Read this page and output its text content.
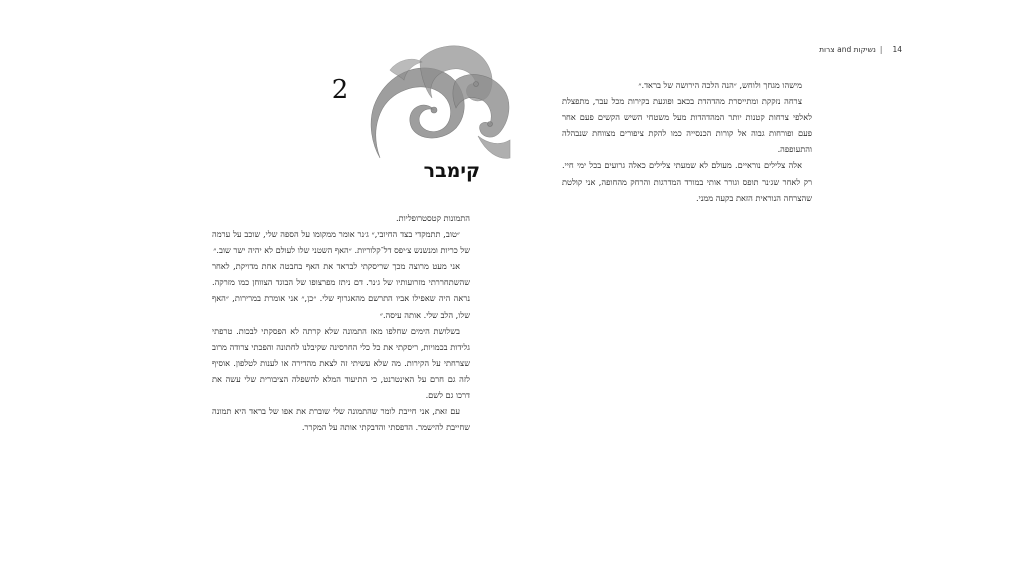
2
קימבר

התמונות קטסטרופליות.

״טוב, תתמקדי בצד החיובי,״ ג׳נר אומר ממקומו על הספה שלי, שוכב על ערמה של כריות ומנשנש צ׳יפס דל־קלוריות. ״האף השטני שלו לעולם לא יהיה ישר שוב.״

אני מעט מרוצה מכך שריסקתי לבראד את האף בחבטה אחת מדויקת, לאחר שהשתחררתי מזרועותיו של ג׳נר. דם ניתז מפרצופו של הבוגד הצווחן כמו מזרקה. נראה היה שאפילו אביו התרשם מהאגרוף שלי. ״כן,״ אני אומרת במרירות, ״האף שלו, הלב שלי. אותה עיסה.״

בשלושת הימים שחלפו מאז התמונה שלא קרתה לא הפסקתי לבכות. טרפתי גלידות בכמויות, ריסקתי את כל כלי החרסינה שקיבלנו לחתונה והפכתי צרודה מרוב שצרחתי על הקירות. מה שלא עשיתי זה לצאת מהדירה או לענות לטלפון. אוסיף לזה גם חרם על האינטרנט, כי התיעוד המלא להשפלה הציבורית שלי עשה את דרכו גם לשם.

עם זאת, אני חייבת לומר שהתמונה שלי שוברת את אפו של בראד היא תמונה שחייבת להישמר. הדפסתי והדבקתי אותה על המקרר.

14|נשיקות and צרות

מישהו מגחך ולוחש, ״הנה הלכה הירושה של בראד.״

צרחה נזקקת ומתייסרת מהדהדת בכאב ופוגעת בקירות מכל עבר, מתפצלת לאלפי צרחות קטנות יותר המהדהדות מעל משטחי השיש הקשים פעם אחר פעם ופורחות גבוה אל קורות הכנסייה כמו להקת ציפורים מצווחת שנבהלה והתעופפה.

אלה צלילים נוראיים. מעולם לא שמעתי צלילים כאלה גרועים בכל ימי חיי. רק לאחר שג׳נר תופס וגורר אותי במורד המדרגות והרחק מהחופה, אני קולטת שהצרחה הנוראית הזאת בקעה ממני.
